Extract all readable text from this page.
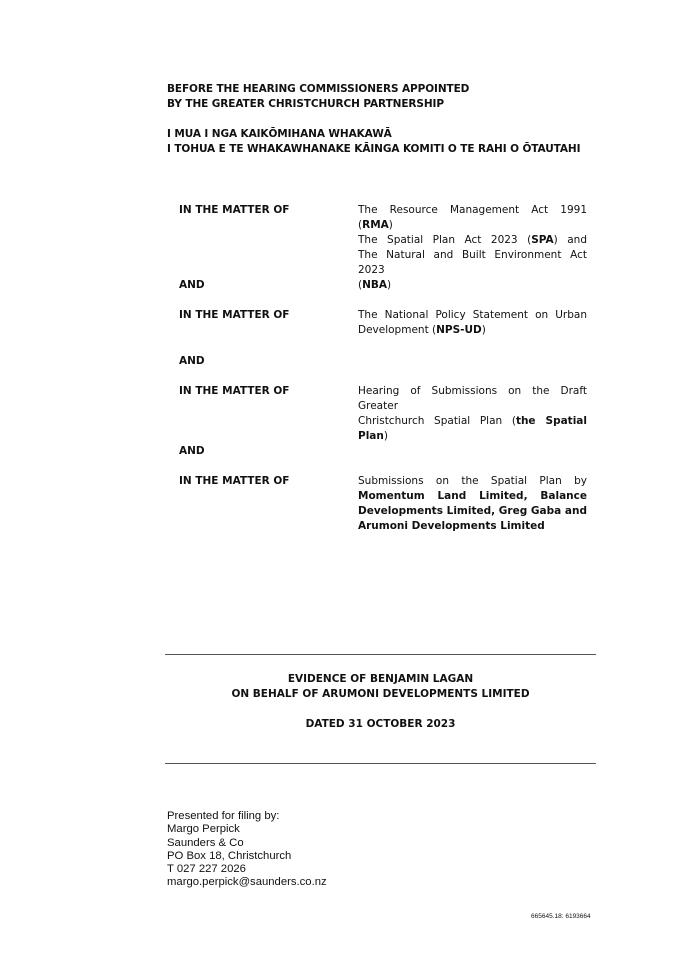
BEFORE THE HEARING COMMISSIONERS APPOINTED
BY THE GREATER CHRISTCHURCH PARTNERSHIP
I MUA I NGA KAIKŌMIHANA WHAKAWĀ
I TOHUA E TE WHAKAWHANAKE KĀINGA KOMITI O TE RAHI O ŌTAUTAHI
IN THE MATTER OF	The Resource Management Act 1991 (RMA)
The Spatial Plan Act 2023 (SPA) and
The Natural and Built Environment Act 2023
(NBA)
AND
IN THE MATTER OF	The National Policy Statement on Urban
Development (NPS-UD)
AND
IN THE MATTER OF	Hearing of Submissions on the Draft Greater
Christchurch Spatial Plan (the Spatial Plan)
AND
IN THE MATTER OF	Submissions on the Spatial Plan by
Momentum Land Limited, Balance
Developments Limited, Greg Gaba and
Arumoni Developments Limited
EVIDENCE OF BENJAMIN LAGAN
ON BEHALF OF ARUMONI DEVELOPMENTS LIMITED
DATED 31 OCTOBER 2023
Presented for filing by:
Margo Perpick
Saunders & Co
PO Box 18, Christchurch
T 027 227 2026
margo.perpick@saunders.co.nz
665645.18: 6193664
